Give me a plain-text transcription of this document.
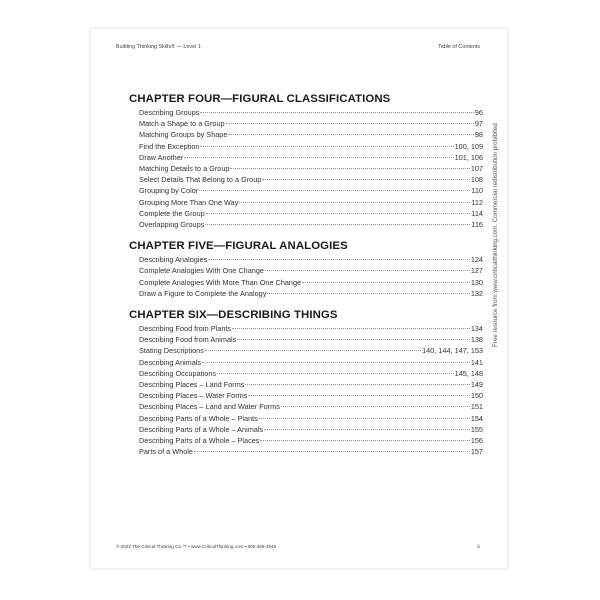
Building Thinking Skills® — Level 1	Table of Contents
CHAPTER FOUR—FIGURAL CLASSIFICATIONS
Describing Groups	96
Match a Shape to a Group	97
Matching Groups by Shape	98
Find the Exception	100, 109
Draw Another	101, 106
Matching Details to a Group	107
Select Details That Belong to a Group	108
Grouping by Color	110
Grouping More Than One Way	112
Complete the Group	114
Overlapping Groups	116
CHAPTER FIVE—FIGURAL ANALOGIES
Describing Analogies	124
Complete Analogies With One Change	127
Complete Analogies With More Than One Change	130
Draw a Figure to Complete the Analogy	132
CHAPTER SIX—DESCRIBING THINGS
Describing Food from Plants	134
Describing Food from Animals	138
Stating Descriptions	140, 144, 147, 153
Describing Animals	141
Describing Occupations	145, 148
Describing Places – Land Forms	149
Describing Places – Water Forms	150
Describing Places – Land and Water Forms	151
Describing Parts of a Whole – Plants	154
Describing Parts of a Whole – Animals	155
Describing Parts of a Whole – Places	156
Parts of a Whole	157
Free resource from www.criticalthinking.com. Commercial redistribution prohibited
© 2022 The Critical Thinking Co.™ • www.CriticalThinking.com • 800-458-4849	iii
